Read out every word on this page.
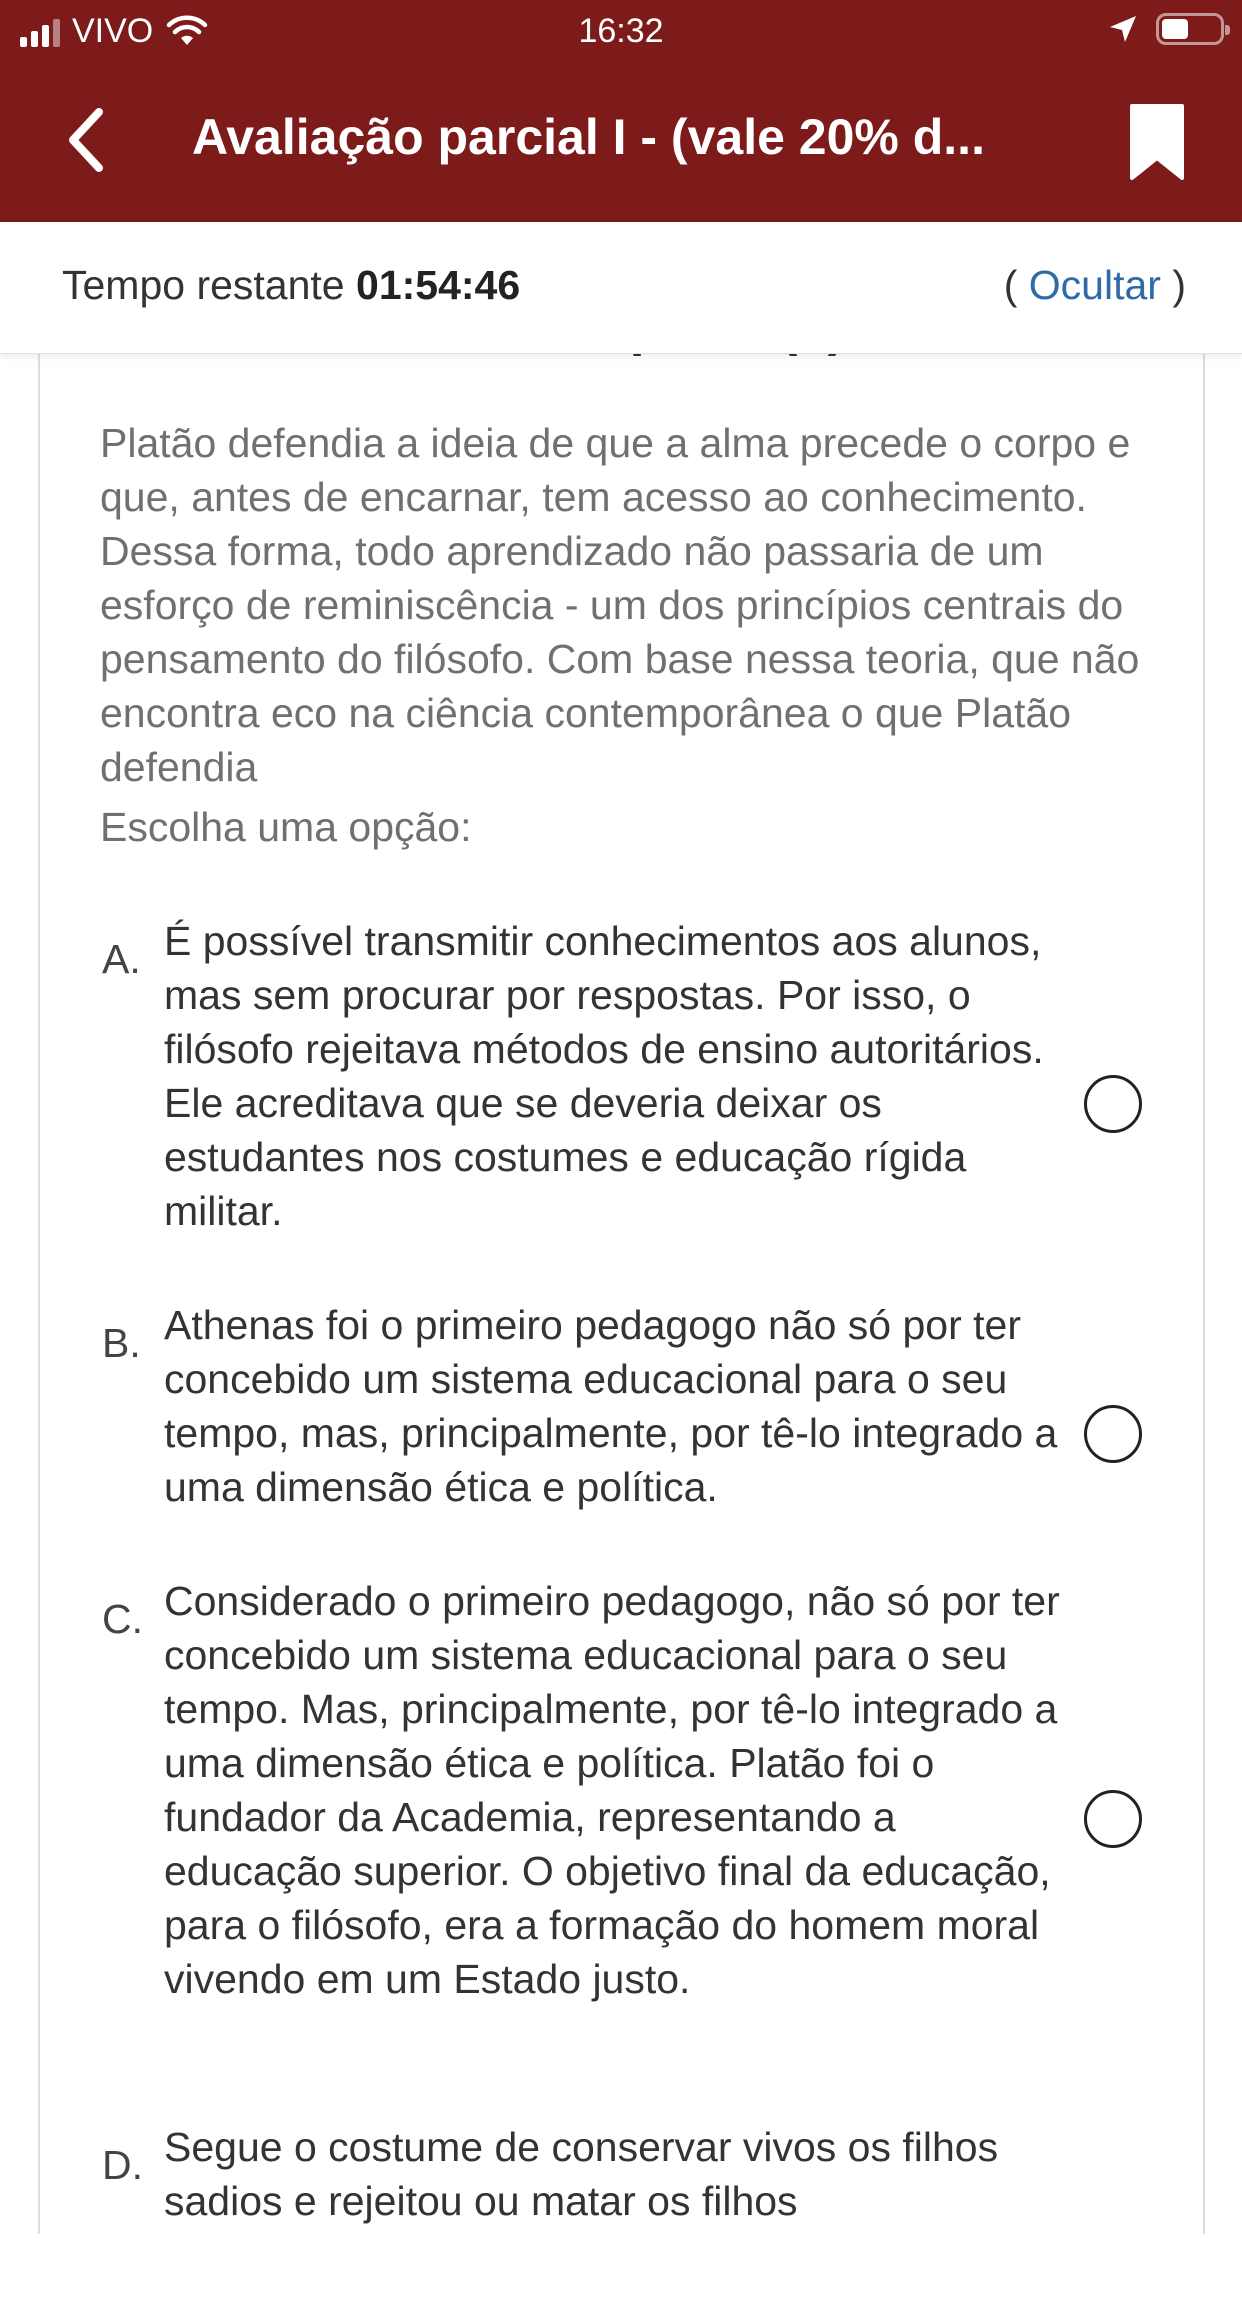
VIVO	16:32
Avaliação parcial I - (vale 20% d...
Tempo restante 01:54:46	( Ocultar )
Platão defendia a ideia de que a alma precede o corpo e que, antes de encarnar, tem acesso ao conhecimento. Dessa forma, todo aprendizado não passaria de um esforço de reminiscência - um dos princípios centrais do pensamento do filósofo. Com base nessa teoria, que não encontra eco na ciência contemporânea o que Platão defendia
Escolha uma opção:
A. É possível transmitir conhecimentos aos alunos, mas sem procurar por respostas. Por isso, o filósofo rejeitava métodos de ensino autoritários. Ele acreditava que se deveria deixar os estudantes nos costumes e educação rígida militar.
B. Athenas foi o primeiro pedagogo não só por ter concebido um sistema educacional para o seu tempo, mas, principalmente, por tê-lo integrado a uma dimensão ética e política.
C. Considerado o primeiro pedagogo, não só por ter concebido um sistema educacional para o seu tempo. Mas, principalmente, por tê-lo integrado a uma dimensão ética e política. Platão foi o fundador da Academia, representando a educação superior. O objetivo final da educação, para o filósofo, era a formação do homem moral vivendo em um Estado justo.
D. Segue o costume de conservar vivos os filhos sadios e rejeitou ou matar os filhos
